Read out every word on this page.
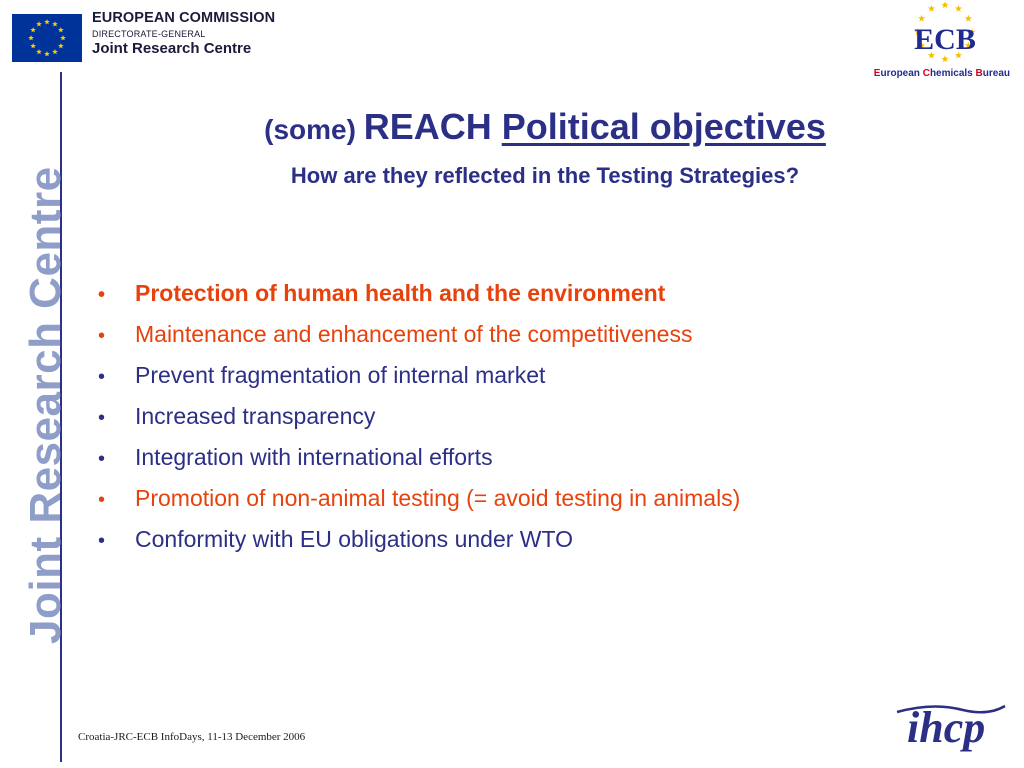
EUROPEAN COMMISSION
DIRECTORATE-GENERAL
Joint Research Centre	ECB
European Chemicals Bureau
Joint Research Centre
(some) REACH Political objectives
How are they reflected in the Testing Strategies?
•	Protection of human health and the environment
•	Maintenance and enhancement of the competitiveness
•	Prevent fragmentation of internal market
•	Increased transparency
•	Integration with international efforts
•	Promotion of non-animal testing (= avoid testing in animals)
•	Conformity with EU obligations under WTO
Croatia-JRC-ECB InfoDays, 11-13 December 2006	ihcp
